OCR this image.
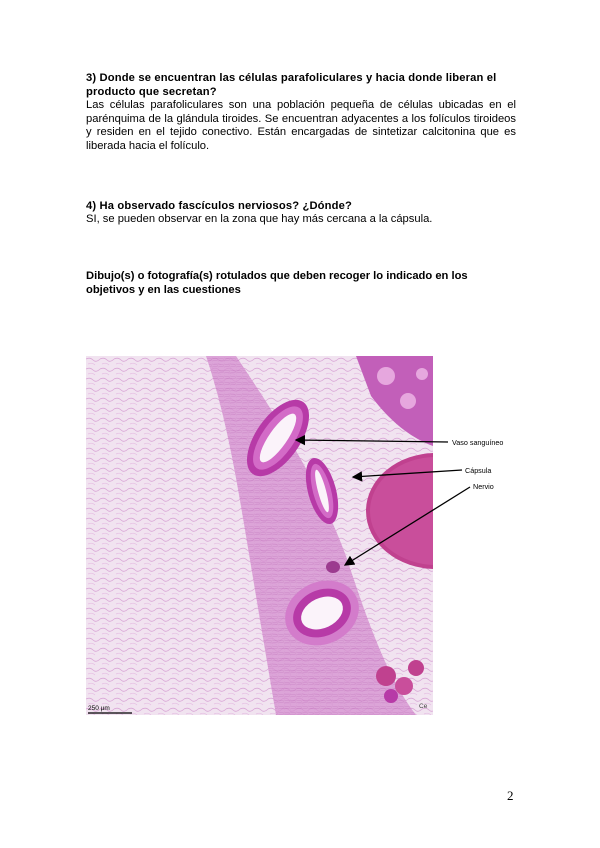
3) Donde se encuentran las células parafoliculares y hacia donde liberan el producto que secretan?
Las células parafoliculares son una población pequeña de células ubicadas en el parénquima de la glándula tiroides. Se encuentran adyacentes a los folículos tiroideos y residen en el tejido conectivo. Están encargadas de sintetizar calcitonina que es liberada hacia el folículo.
4) Ha observado fascículos nerviosos? ¿Dónde?
SI, se pueden observar en la zona que hay más cercana a la cápsula.
Dibujo(s) o fotografía(s) rotulados que deben recoger lo indicado en los objetivos y en las cuestiones
250 µm	Ce
Vaso sanguíneo
Cápsula
Nervio
2
